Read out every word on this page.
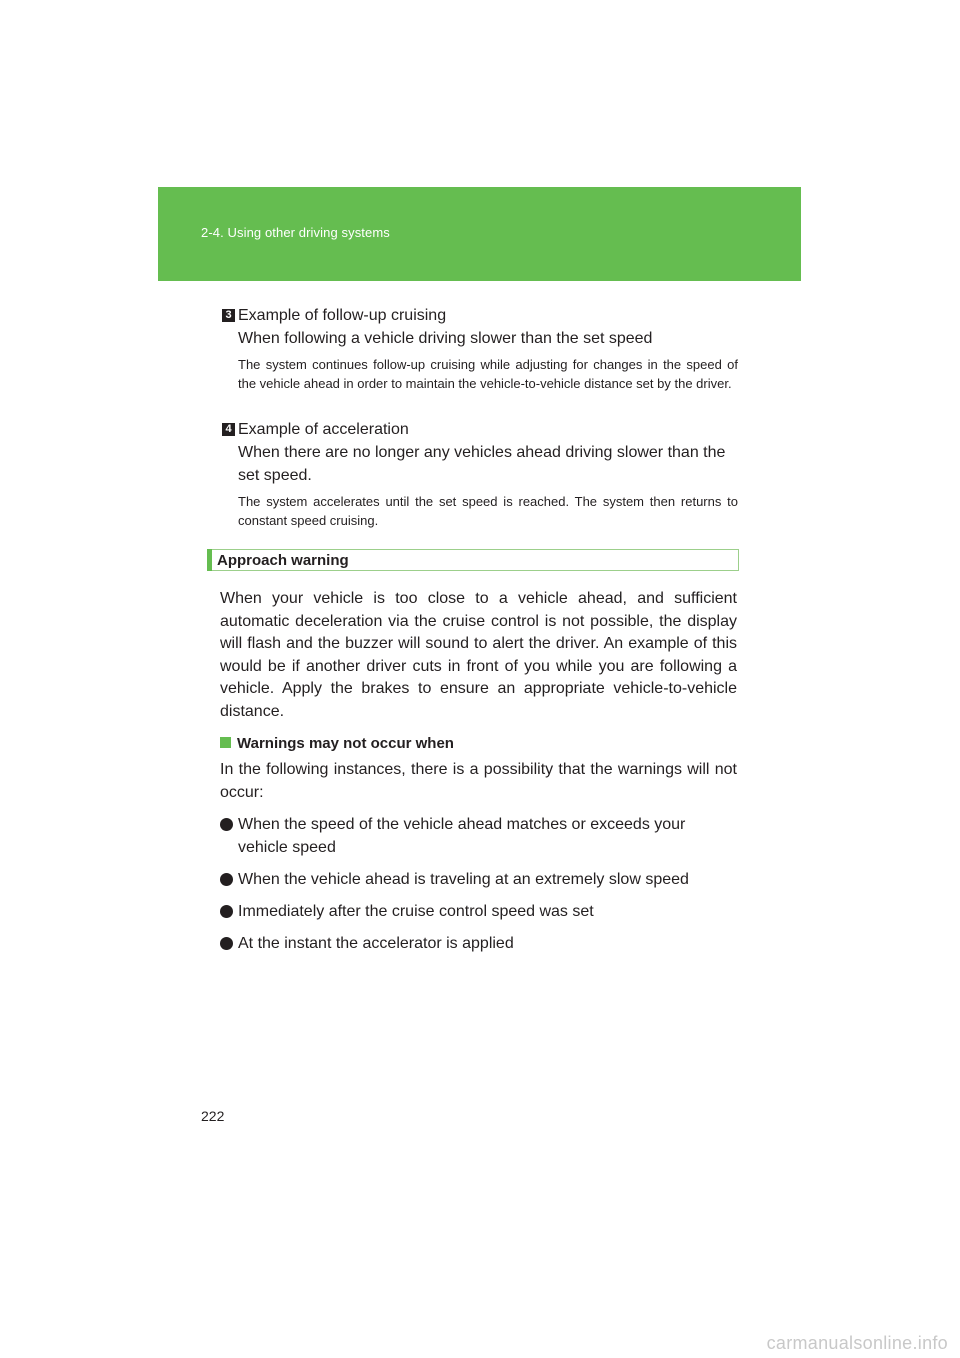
2-4. Using other driving systems
3 Example of follow-up cruising
When following a vehicle driving slower than the set speed
The system continues follow-up cruising while adjusting for changes in the speed of the vehicle ahead in order to maintain the vehicle-to-vehicle distance set by the driver.
4 Example of acceleration
When there are no longer any vehicles ahead driving slower than the set speed.
The system accelerates until the set speed is reached. The system then returns to constant speed cruising.
Approach warning
When your vehicle is too close to a vehicle ahead, and sufficient automatic deceleration via the cruise control is not possible, the display will flash and the buzzer will sound to alert the driver. An example of this would be if another driver cuts in front of you while you are following a vehicle. Apply the brakes to ensure an appropriate vehicle-to-vehicle distance.
Warnings may not occur when
In the following instances, there is a possibility that the warnings will not occur:
When the speed of the vehicle ahead matches or exceeds your vehicle speed
When the vehicle ahead is traveling at an extremely slow speed
Immediately after the cruise control speed was set
At the instant the accelerator is applied
222
carmanualsonline.info
